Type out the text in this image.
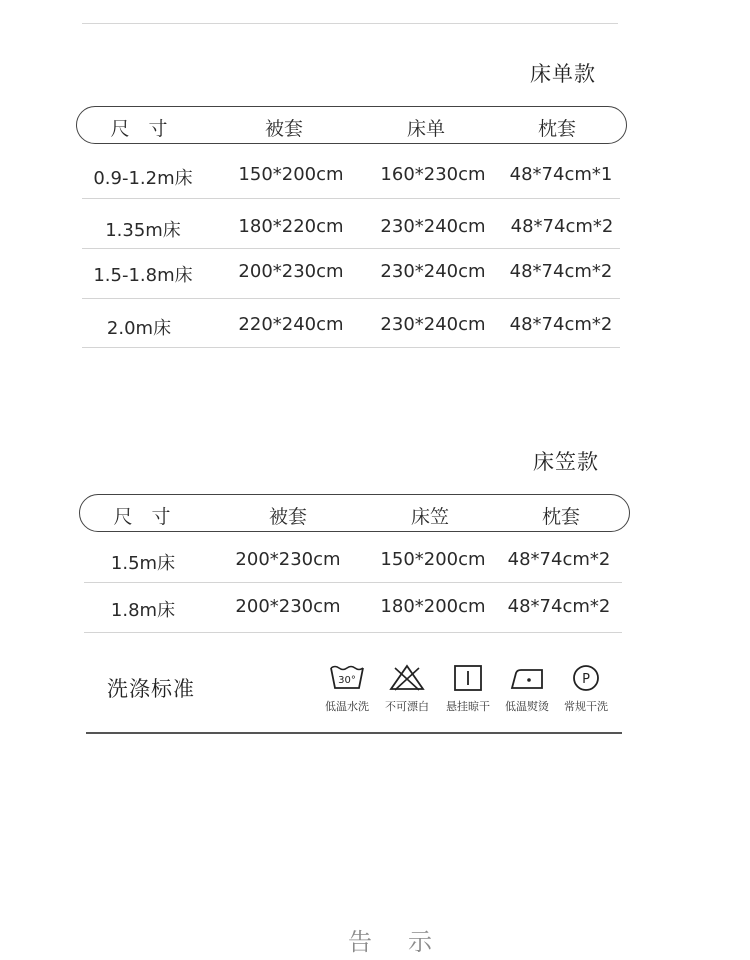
床单款
尺　寸	被套	床单	枕套
0.9-1.2m床	150*200cm 160*230cm 48*74cm*1
1.35m床	180*220cm 230*240cm 48*74cm*2
1.5-1.8m床	200*230cm 230*240cm 48*74cm*2
2.0m床	220*240cm 230*240cm 48*74cm*2
床笠款
尺　寸	被套	床笠	枕套
1.5m床	200*230cm 150*200cm 48*74cm*2
1.8m床	200*230cm 180*200cm 48*74cm*2
洗涤标准	30°
低温水洗	不可漂白	悬挂晾干	低温熨烫
P
常规干洗
告示
